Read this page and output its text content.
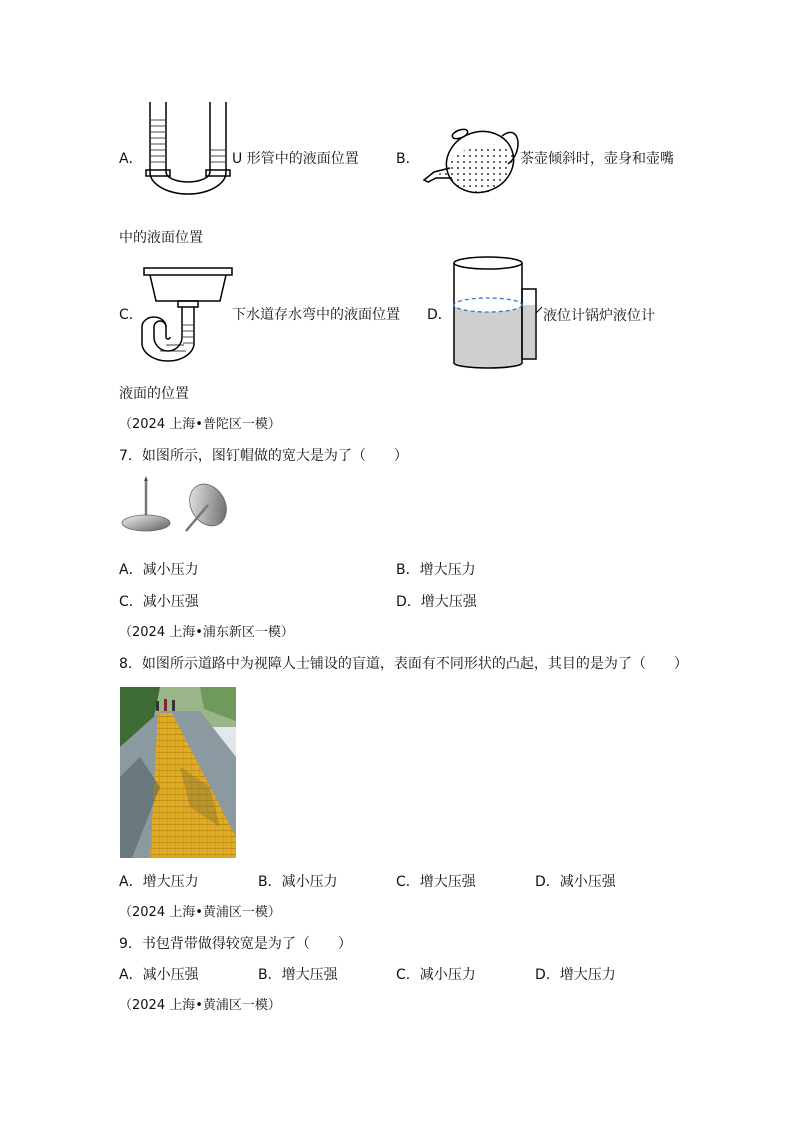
A．	U 形管中的液面位置	B．	茶壶倾斜时，壶身和壶嘴
中的液面位置
C．	下水道存水弯中的液面位置 D．	液位计锅炉液位计
液面的位置
（2024 上海•普陀区一模）
7．如图所示，图钉帽做的宽大是为了（　　）
A．减小压力	B．增大压力
C．减小压强	D．增大压强
（2024 上海•浦东新区一模）
8．如图所示道路中为视障人士铺设的盲道，表面有不同形状的凸起，其目的是为了（　　）
A．增大压力	B．减小压力	C．增大压强	D．减小压强
（2024 上海•黄浦区一模）
9．书包背带做得较宽是为了（　　）
A．减小压强	B．增大压强	C．减小压力	D．增大压力
（2024 上海•黄浦区一模）
